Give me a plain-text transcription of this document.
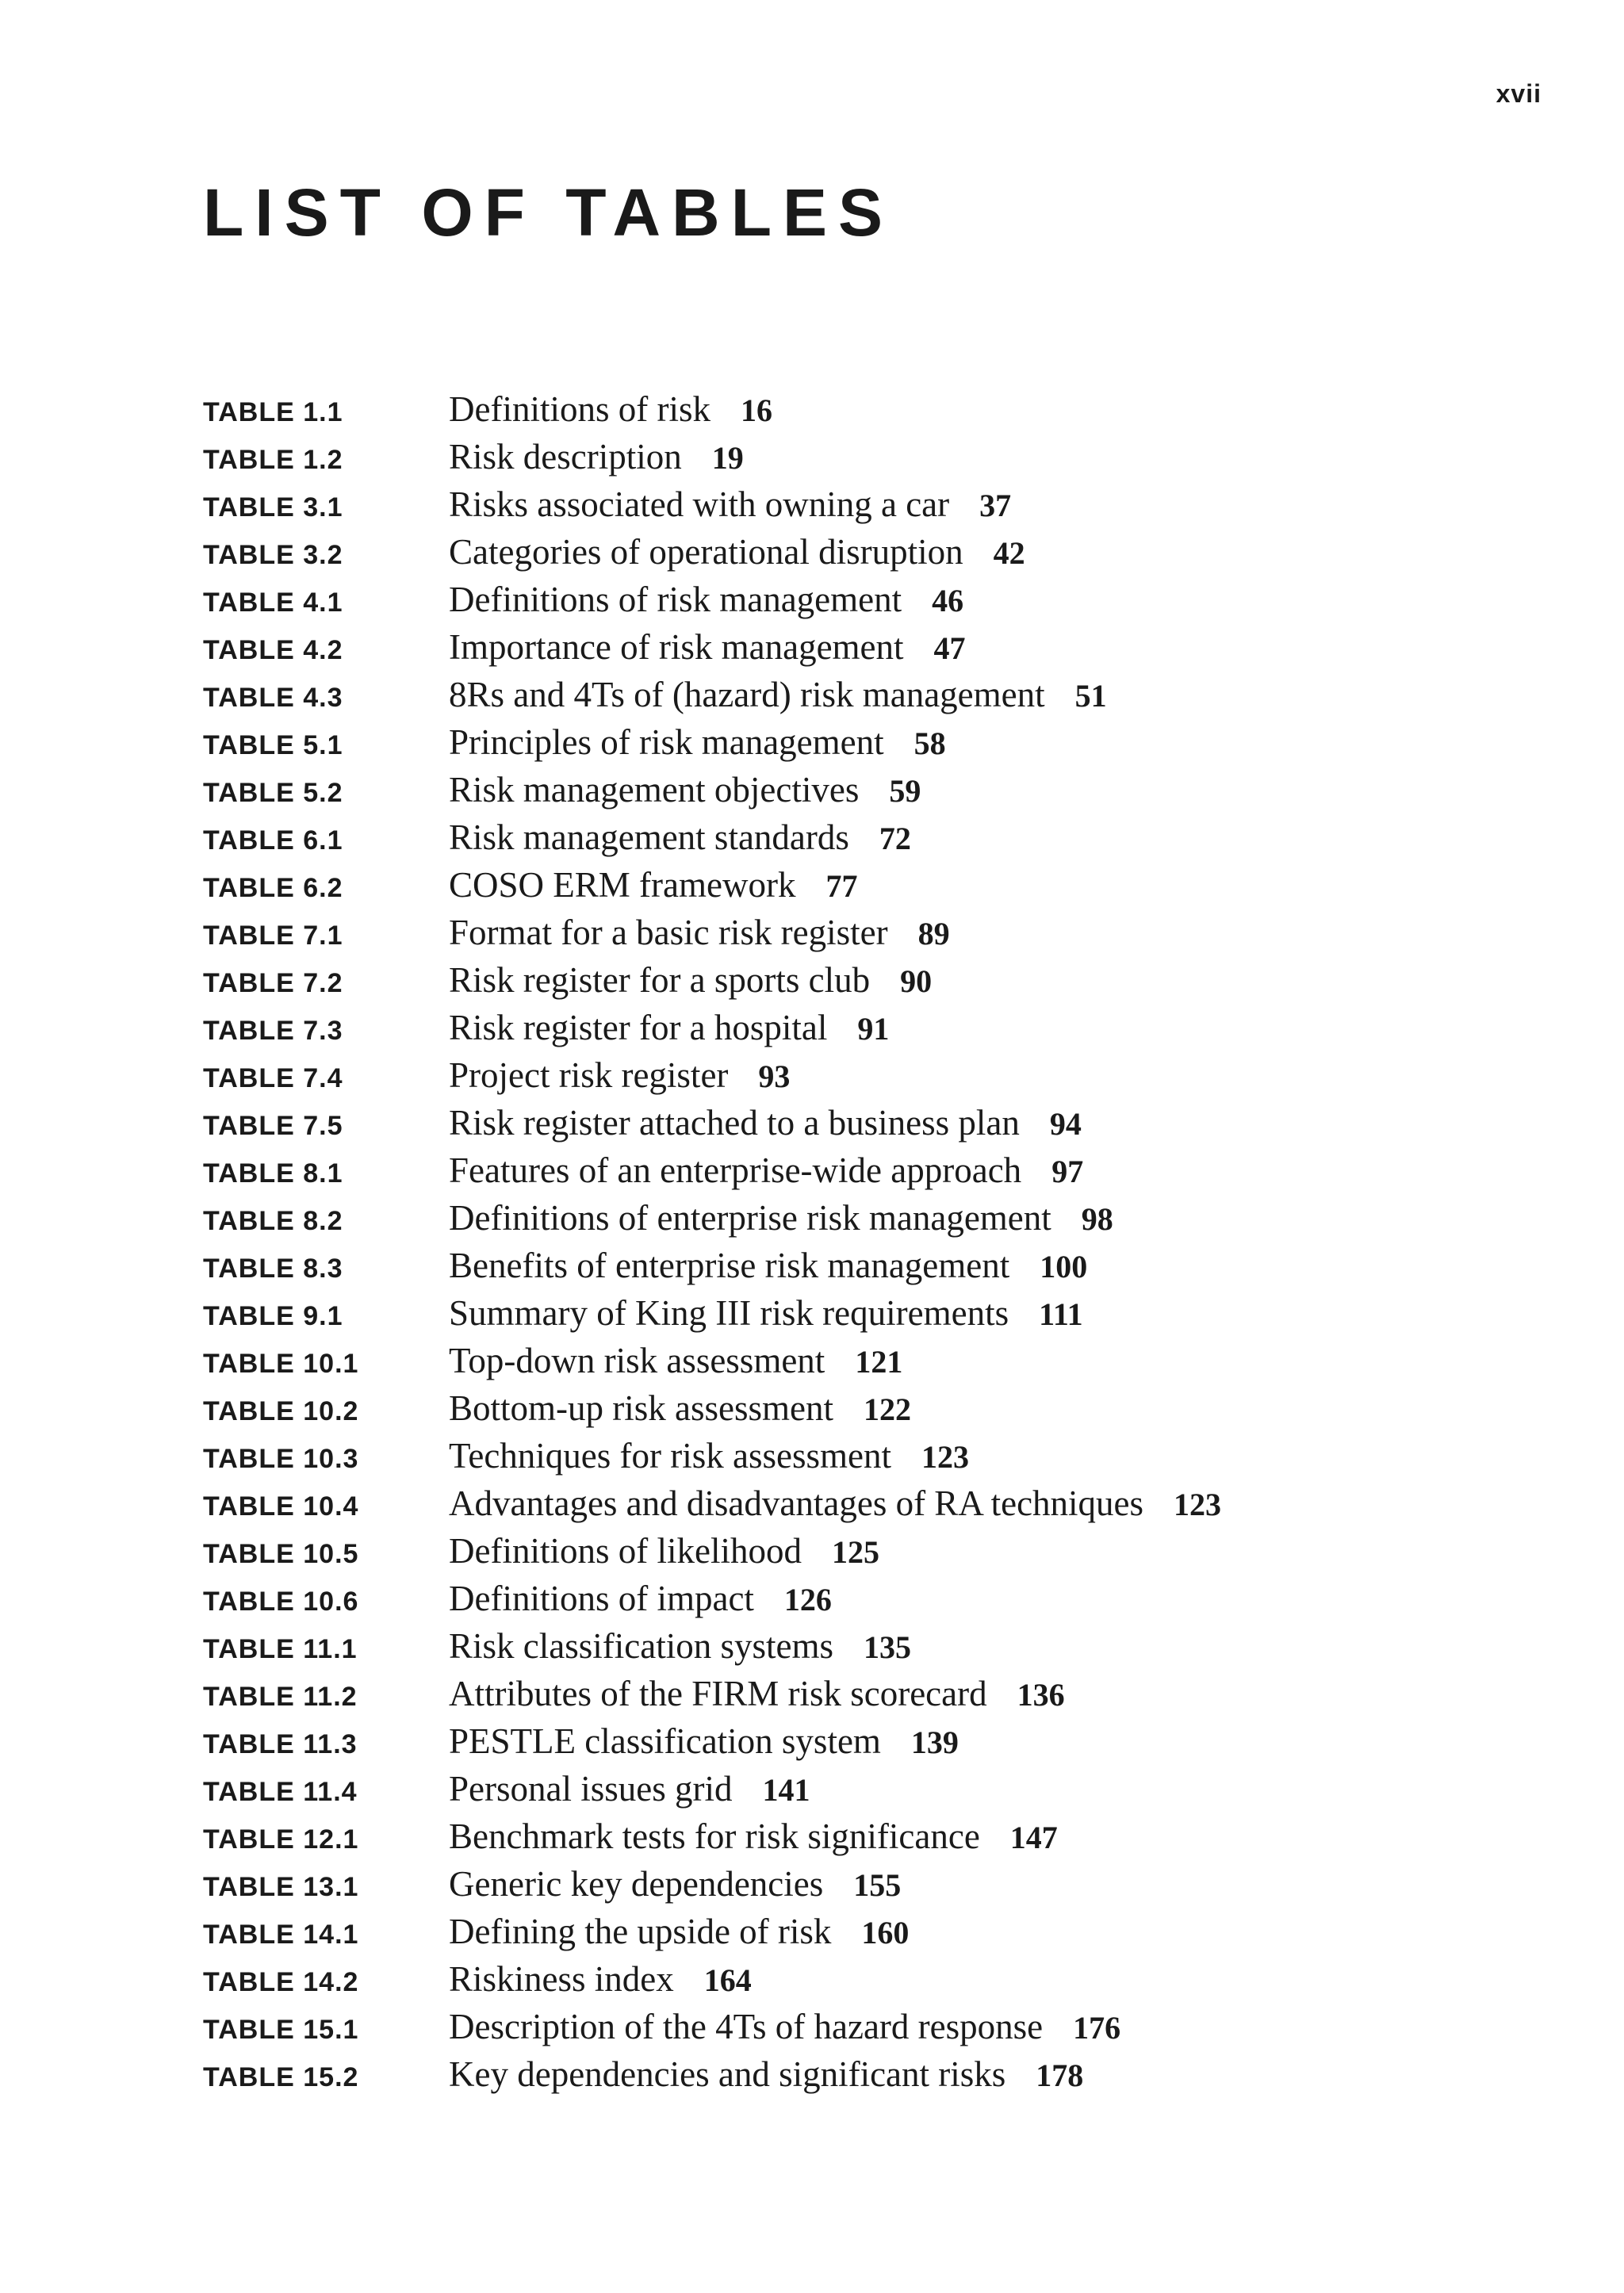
xvii
LIST OF TABLES
TABLE 1.1	Definitions of risk 16
TABLE 1.2	Risk description 19
TABLE 3.1	Risks associated with owning a car 37
TABLE 3.2	Categories of operational disruption 42
TABLE 4.1	Definitions of risk management 46
TABLE 4.2	Importance of risk management 47
TABLE 4.3	8Rs and 4Ts of (hazard) risk management 51
TABLE 5.1	Principles of risk management 58
TABLE 5.2	Risk management objectives 59
TABLE 6.1	Risk management standards 72
TABLE 6.2	COSO ERM framework 77
TABLE 7.1	Format for a basic risk register 89
TABLE 7.2	Risk register for a sports club 90
TABLE 7.3	Risk register for a hospital 91
TABLE 7.4	Project risk register 93
TABLE 7.5	Risk register attached to a business plan 94
TABLE 8.1	Features of an enterprise-wide approach 97
TABLE 8.2	Definitions of enterprise risk management 98
TABLE 8.3	Benefits of enterprise risk management 100
TABLE 9.1	Summary of King III risk requirements 111
TABLE 10.1	Top-down risk assessment 121
TABLE 10.2	Bottom-up risk assessment 122
TABLE 10.3	Techniques for risk assessment 123
TABLE 10.4	Advantages and disadvantages of RA techniques 123
TABLE 10.5	Definitions of likelihood 125
TABLE 10.6	Definitions of impact 126
TABLE 11.1	Risk classification systems 135
TABLE 11.2	Attributes of the FIRM risk scorecard 136
TABLE 11.3	PESTLE classification system 139
TABLE 11.4	Personal issues grid 141
TABLE 12.1	Benchmark tests for risk significance 147
TABLE 13.1	Generic key dependencies 155
TABLE 14.1	Defining the upside of risk 160
TABLE 14.2	Riskiness index 164
TABLE 15.1	Description of the 4Ts of hazard response 176
TABLE 15.2	Key dependencies and significant risks 178
